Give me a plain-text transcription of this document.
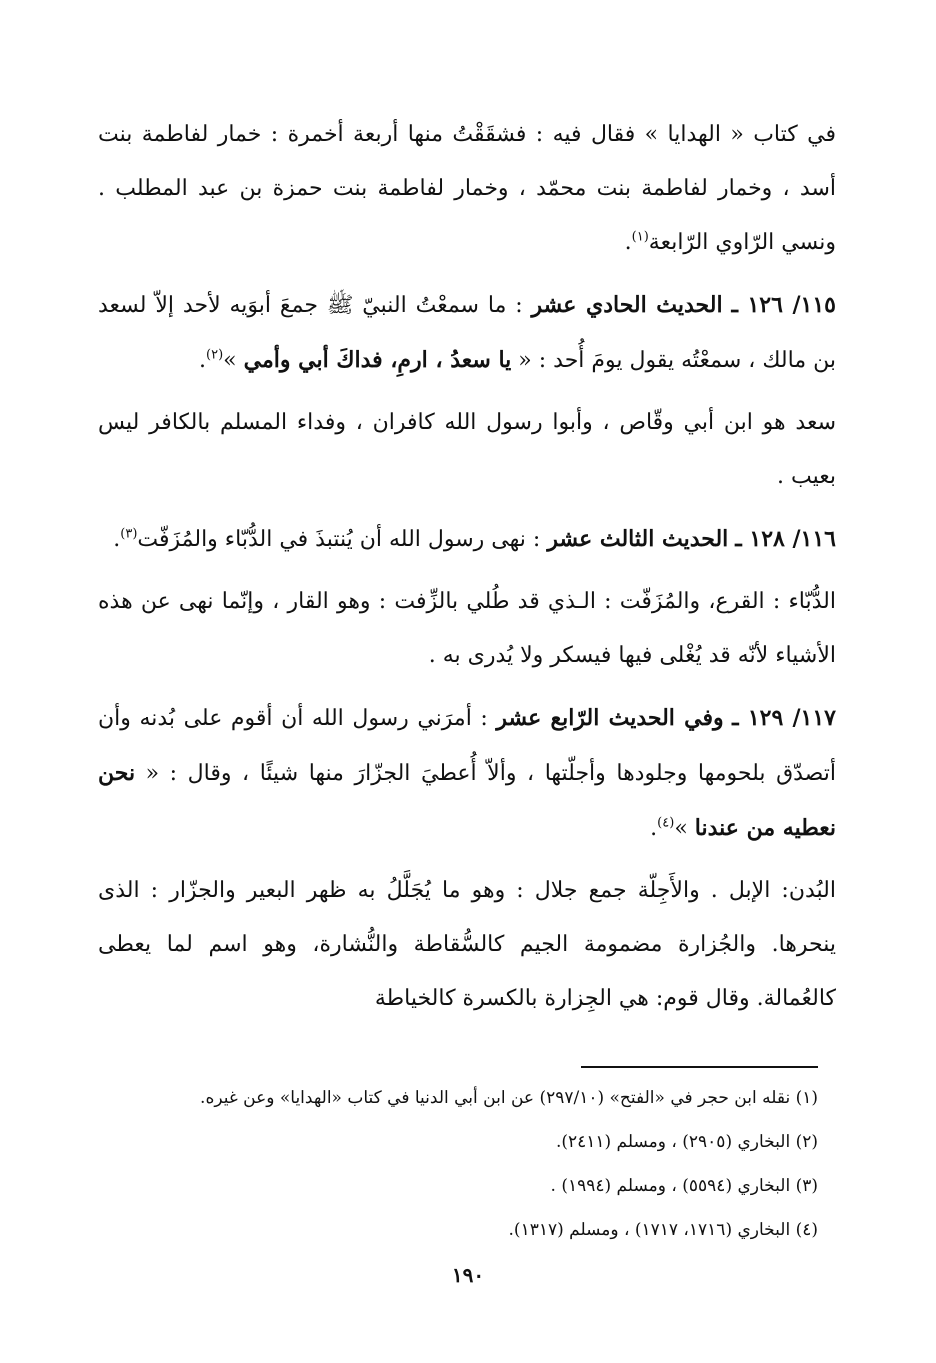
في كتاب « الهدايا » فقال فيه : فشقَقْتُ منها أربعة أخمرة : خمار لفاطمة بنت أسد ، وخمار لفاطمة بنت محمّد ، وخمار لفاطمة بنت حمزة بن عبد المطلب . ونسي الرّاوي الرّابعة$^{(١)}$.

١١٥/ ١٢٦ ـ الحديث الحادي عشر : ما سمعْتُ النبيّ ﷺ جمعَ أبوَيه لأحد إلاّ لسعد بن مالك ، سمعْتُه يقول يومَ أُحد : « يا سعدُ ، ارمِ، فداكَ أبي وأمي »$^{(٢)}$.

سعد هو ابن أبي وقّاص ، وأبوا رسول الله كافران ، وفداء المسلم بالكافر ليس بعيب .

١١٦/ ١٢٨ ـ الحديث الثالث عشر : نهى رسول الله أن يُنتبذَ في الدُّبّاء والمُزَفّت$^{(٣)}$.

الدُّبّاء : القرع، والمُزَفّت : الـذي قد طُلي بالزِّفت : وهو القار ، وإنّما نهى عن هذه الأشياء لأنّه قد يُغْلى فيها فيسكر ولا يُدرى به .

١١٧/ ١٢٩ ـ وفي الحديث الرّابع عشر : أمرَني رسول الله أن أقوم على بُدنه وأن أتصدّق بلحومها وجلودها وأجلّتها ، وألاّ أُعطيَ الجزّارَ منها شيئًا ، وقال : « نحن نعطيه من عندنا »$^{(٤)}$.

البُدن: الإبل . والأَجِلّة جمع جلال : وهو ما يُجَلَّلُ به ظهر البعير والجزّار : الذى ينحرها. والجُزارة مضمومة الجيم كالسُّقاطة والنُّشارة، وهو اسم لما يعطى كالعُمالة. وقال قوم: هي الجِزارة بالكسرة كالخياطة

(١) نقله ابن حجر في «الفتح» (٢٩٧/١٠) عن ابن أبي الدنيا في كتاب «الهدايا» وعن غيره.

(٢) البخاري (٢٩٠٥) ، ومسلم (٢٤١١).

(٣) البخاري (٥٥٩٤) ، ومسلم (١٩٩٤) .

(٤) البخاري (١٧١٦، ١٧١٧) ، ومسلم (١٣١٧).

١٩٠
